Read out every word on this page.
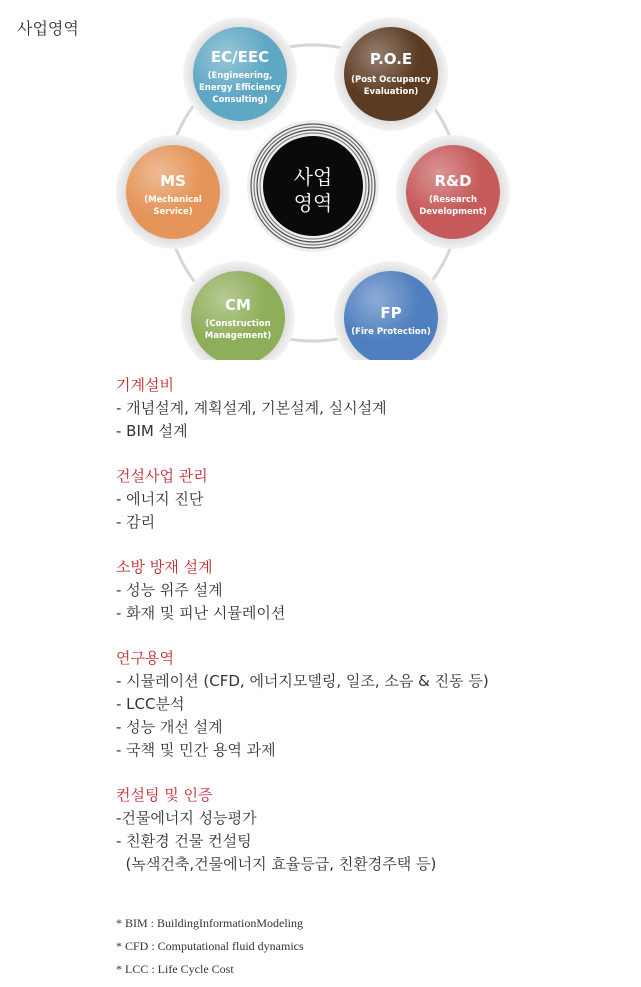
사업영역
사업
영역
EC/EEC
(Engineering,
Energy Efficiency
Consulting)
P.O.E
(Post Occupancy
Evaluation)
R&D
(Research
Development)
FP
(Fire Protection)
CM
(Construction
Management)
MS
(Mechanical
Service)
기계설비
- 개념설계, 계획설계, 기본설계, 실시설계
- BIM 설계
건설사업 관리
- 에너지 진단
- 감리
소방 방재 설계
- 성능 위주 설계
- 화재 및 피난 시뮬레이션
연구용역
- 시뮬레이션 (CFD, 에너지모델링, 일조, 소음 & 진동 등)
- LCC분석
- 성능 개선 설계
- 국책 및 민간 용역 과제
컨설팅 및 인증
-건물에너지 성능평가
- 친환경 건물 컨설팅
(녹색건축,건물에너지 효율등급, 친환경주택 등)
* BIM : BuildingInformationModeling
* CFD : Computational fluid dynamics
* LCC : Life Cycle Cost
